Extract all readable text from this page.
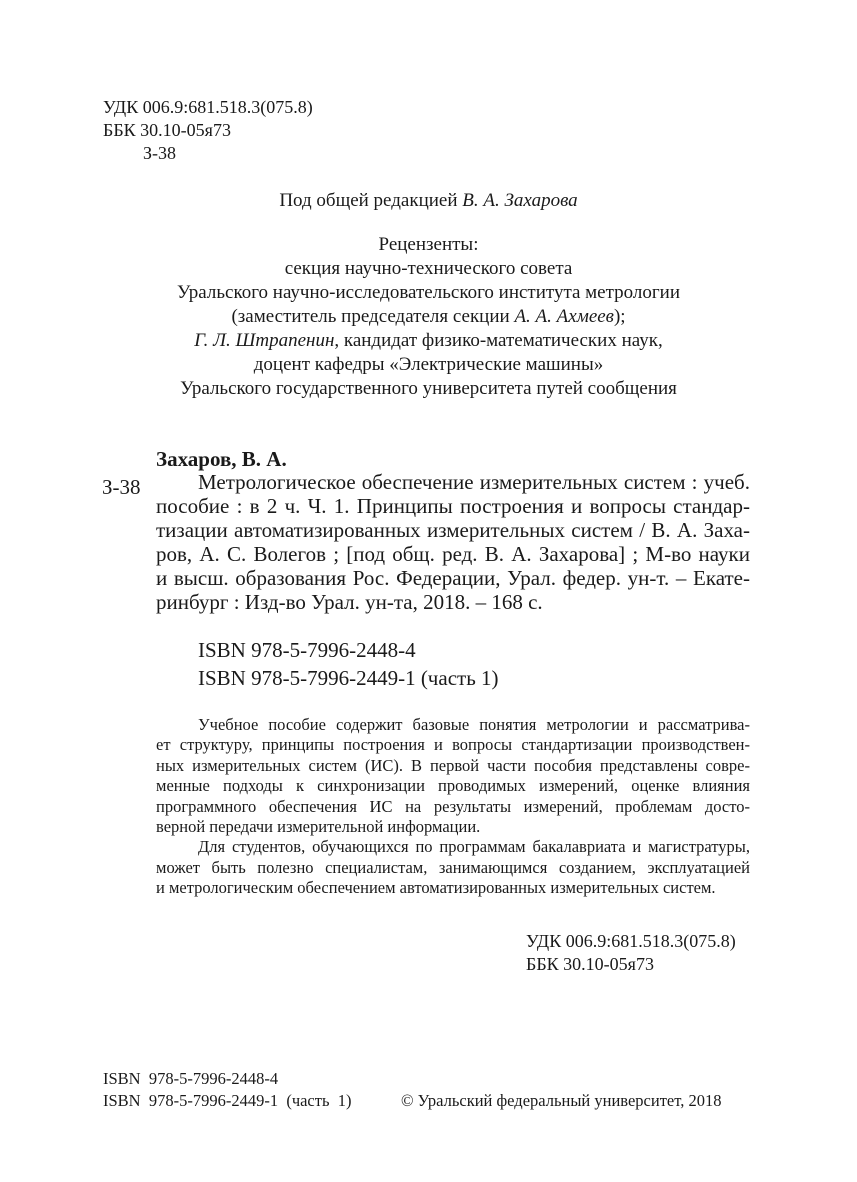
УДК 006.9:681.518.3(075.8)
ББК 30.10-05я73
З-38
Под общей редакцией В. А. Захарова
Рецензенты:
секция научно-технического совета
Уральского научно-исследовательского института метрологии
(заместитель председателя секции А. А. Ахмеев);
Г. Л. Штрапенин, кандидат физико-математических наук,
доцент кафедры «Электрические машины»
Уральского государственного университета путей сообщения
Захаров, В. А.
З-38	Метрологическое обеспечение измерительных систем : учеб.
пособие : в 2 ч. Ч. 1. Принципы построения и вопросы стандар-
тизации автоматизированных измерительных систем / В. А. Заха-
ров, А. С. Волегов ; [под общ. ред. В. А. Захарова] ; М-во науки
и высш. образования Рос. Федерации, Урал. федер. ун-т. – Екате-
ринбург : Изд-во Урал. ун-та, 2018. – 168 с.
ISBN 978-5-7996-2448-4
ISBN 978-5-7996-2449-1 (часть 1)
Учебное пособие содержит базовые понятия метрологии и рассматрива-
ет структуру, принципы построения и вопросы стандартизации производствен-
ных измерительных систем (ИС). В первой части пособия представлены совре-
менные подходы к синхронизации проводимых измерений, оценке влияния
программного обеспечения ИС на результаты измерений, проблемам досто-
верной передачи измерительной информации.
Для студентов, обучающихся по программам бакалавриата и магистратуры,
может быть полезно специалистам, занимающимся созданием, эксплуатацией
и метрологическим обеспечением автоматизированных измерительных систем.
УДК 006.9:681.518.3(075.8)
ББК 30.10-05я73
ISBN  978-5-7996-2448-4
ISBN  978-5-7996-2449-1  (часть  1)	© Уральский федеральный университет, 2018
